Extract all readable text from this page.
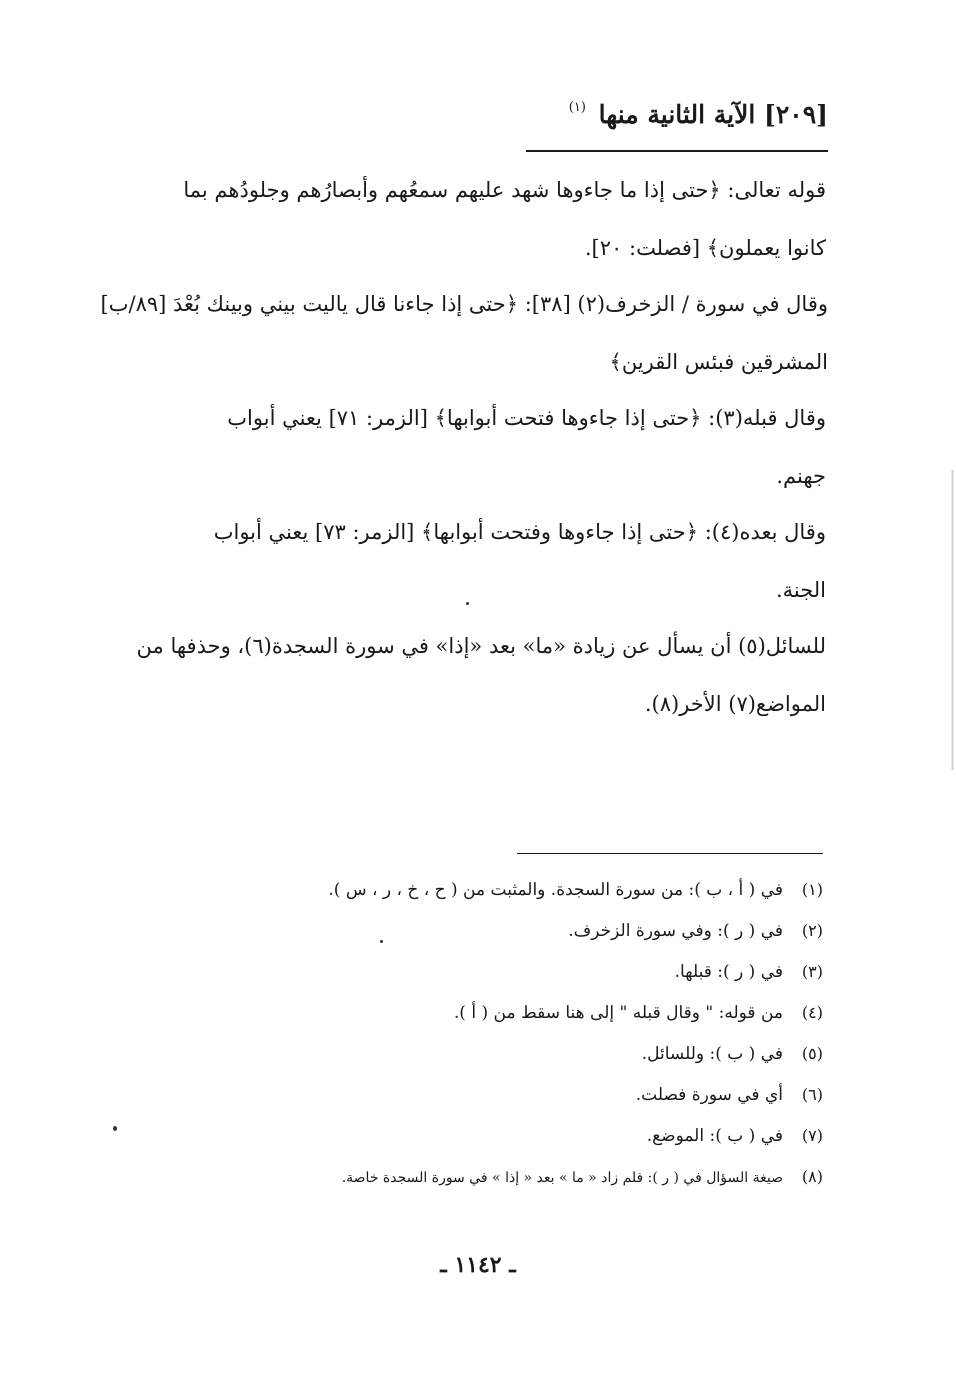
[٢٠٩] الآية الثانية منها $^{(١)}$
قوله تعالى: ﴿حتى إذا ما جاءوها شهد عليهم سمعُهم وأبصارُهم وجلودُهم بما
كانوا يعملون﴾ [فصلت: ٢٠].
وقال في سورة / الزخرف(٢) [٣٨]: ﴿حتى إذا جاءنا قال ياليت بيني وبينك بُعْدَ [٨٩/ب]
المشرقين فبئس القرين﴾
وقال قبله(٣): ﴿حتى إذا جاءوها فتحت أبوابها﴾ [الزمر: ٧١] يعني أبواب
جهنم.
وقال بعده(٤): ﴿حتى إذا جاءوها وفتحت أبوابها﴾ [الزمر: ٧٣] يعني أبواب
الجنة.
للسائل(٥) أن يسأل عن زيادة «ما» بعد «إذا» في سورة السجدة(٦)، وحذفها من
المواضع(٧) الأخر(٨).
(١)
في ( أ ، ب ): من سورة السجدة. والمثبت من ( ح ، خ ، ر ، س ).
(٢)
في ( ر ): وفي سورة الزخرف.
(٣)
في ( ر ): قبلها.
(٤)
من قوله: " وقال قبله " إلى هنا سقط من ( أ ).
(٥)
في ( ب ): وللسائل.
(٦)
أي في سورة فصلت.
(٧)
في ( ب ): الموضع.
(٨)
صيغة السؤال في ( ر ): فلم زاد « ما » بعد « إذا » في سورة السجدة خاصة.
ـ ١١٤٢ ـ
